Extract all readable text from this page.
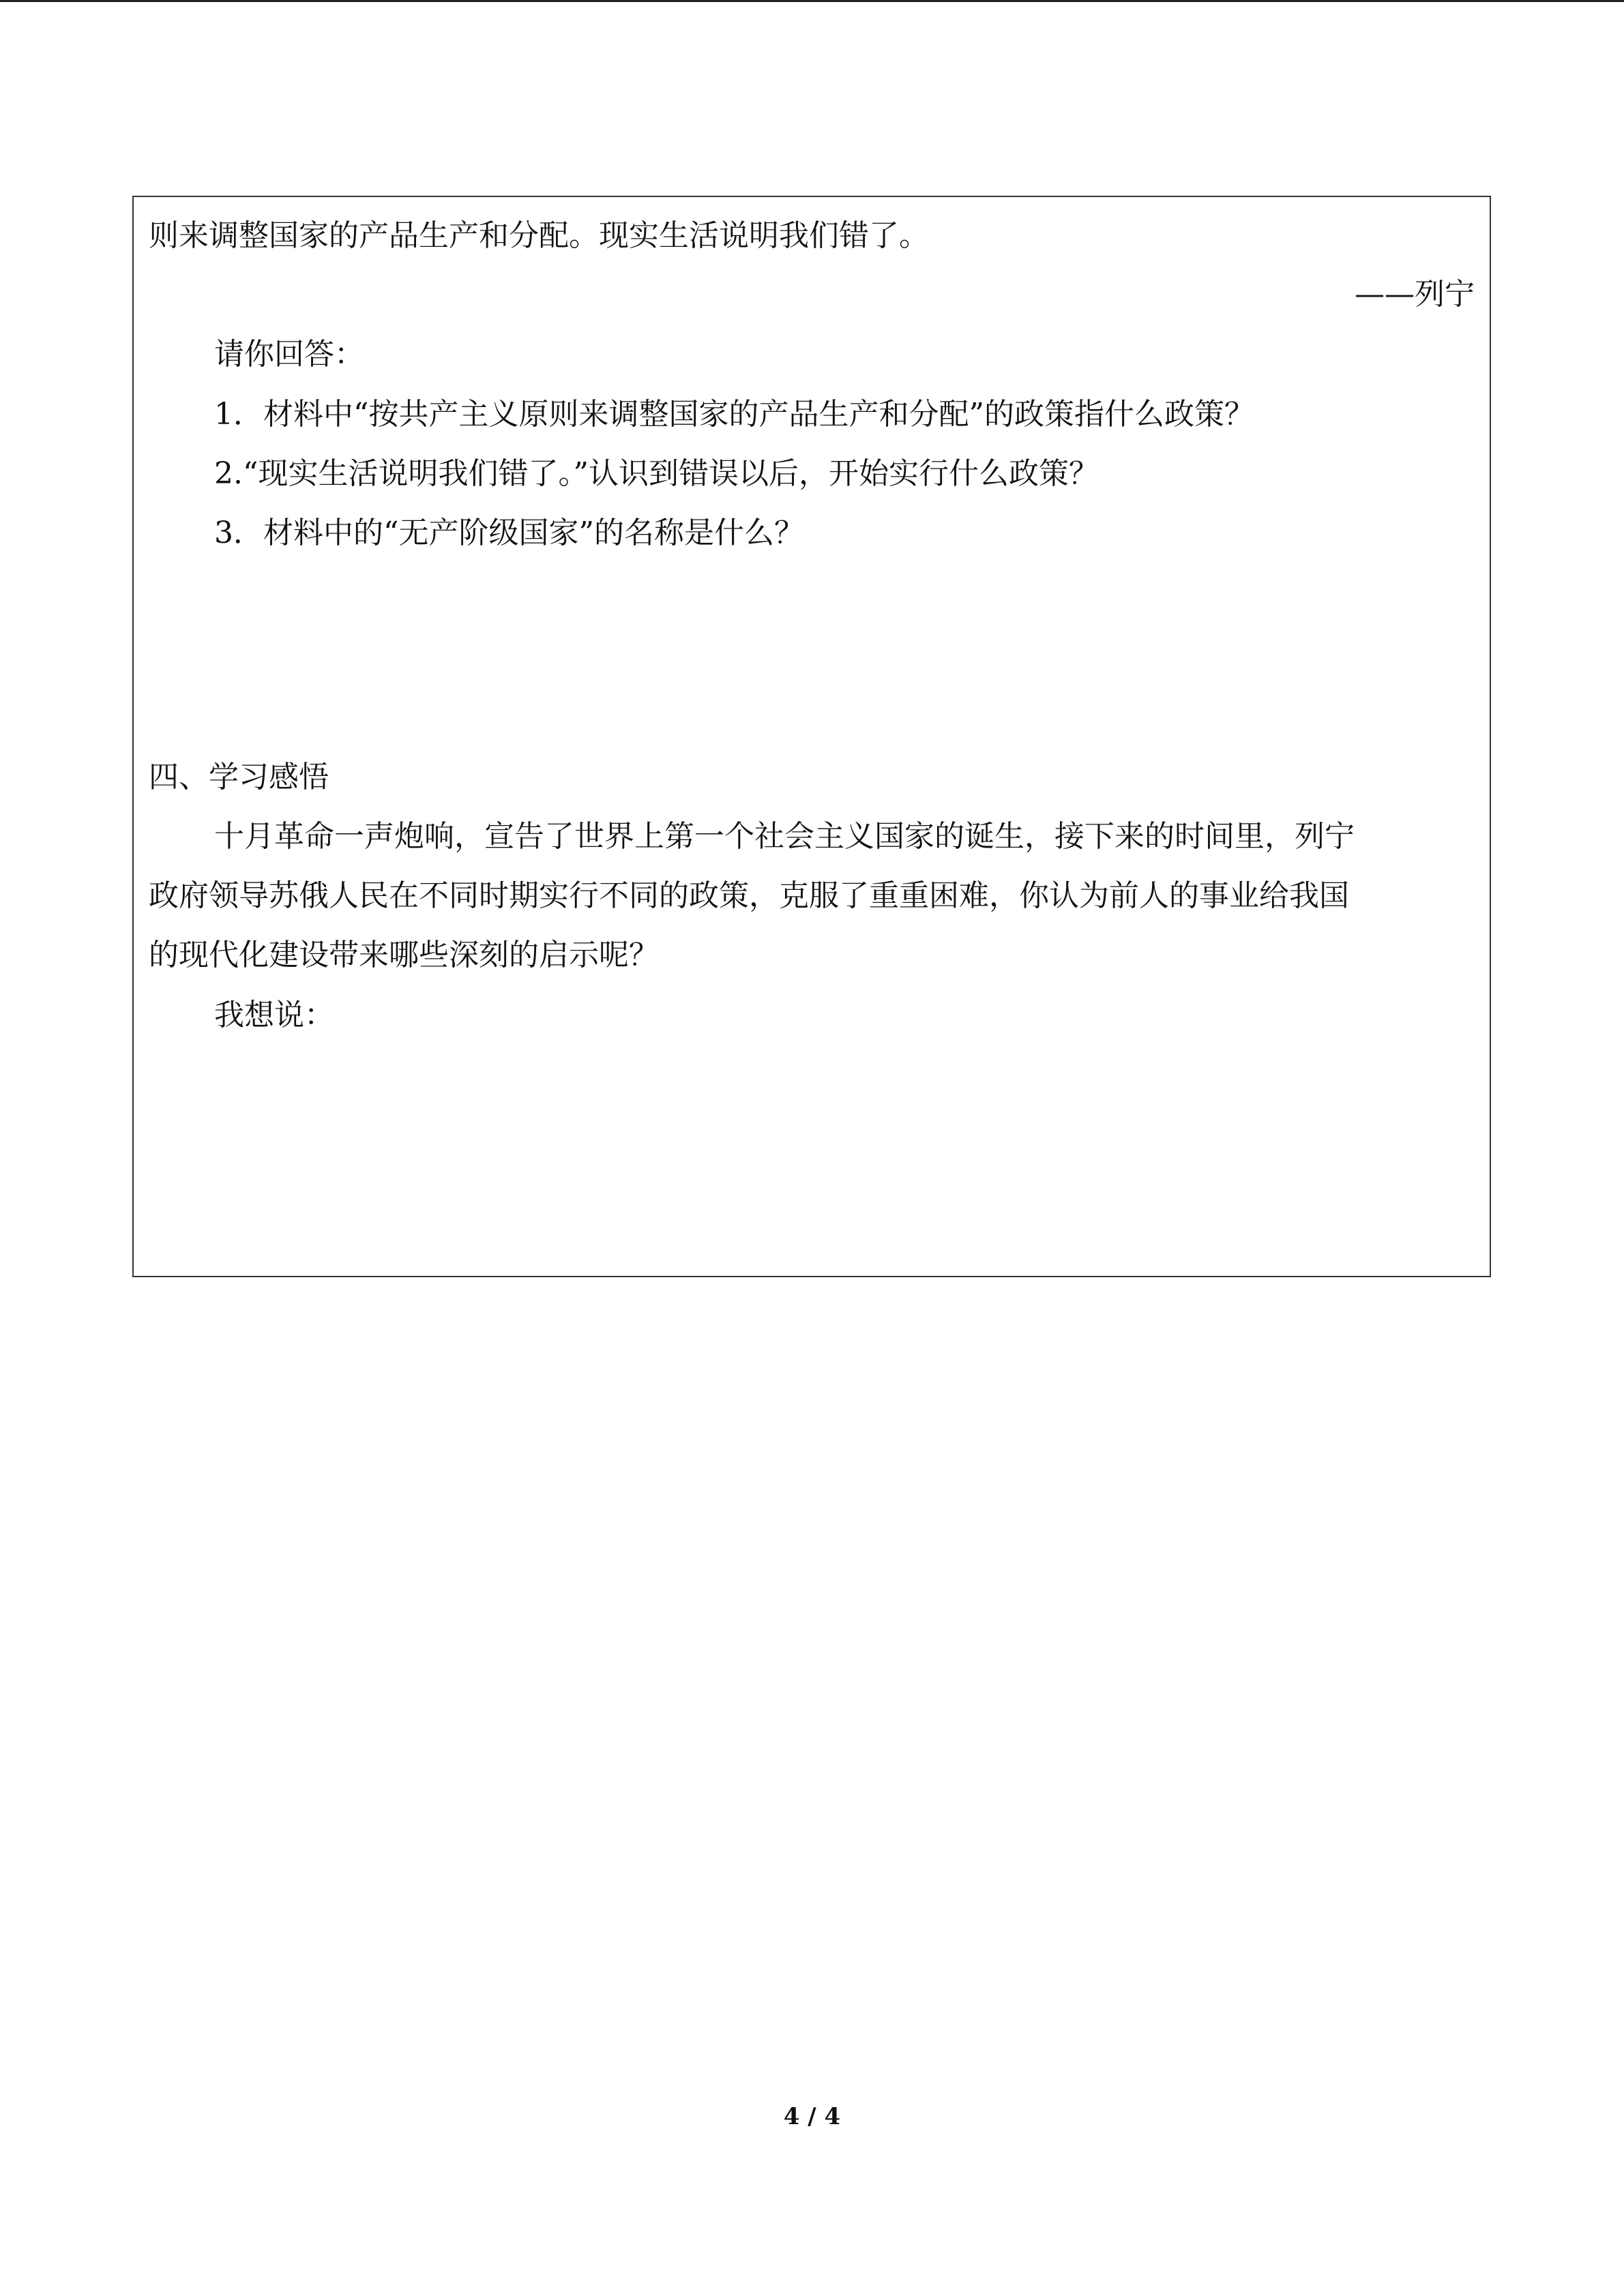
则来调整国家的产品生产和分配。现实生活说明我们错了。
——列宁
请你回答：
1．材料中“按共产主义原则来调整国家的产品生产和分配”的政策指什么政策？
2.“现实生活说明我们错了。”认识到错误以后，开始实行什么政策？
3．材料中的“无产阶级国家”的名称是什么？
四、学习感悟
十月革命一声炮响，宣告了世界上第一个社会主义国家的诞生，接下来的时间里，列宁
政府领导苏俄人民在不同时期实行不同的政策，克服了重重困难，你认为前人的事业给我国
的现代化建设带来哪些深刻的启示呢？
我想说：
4 / 4
